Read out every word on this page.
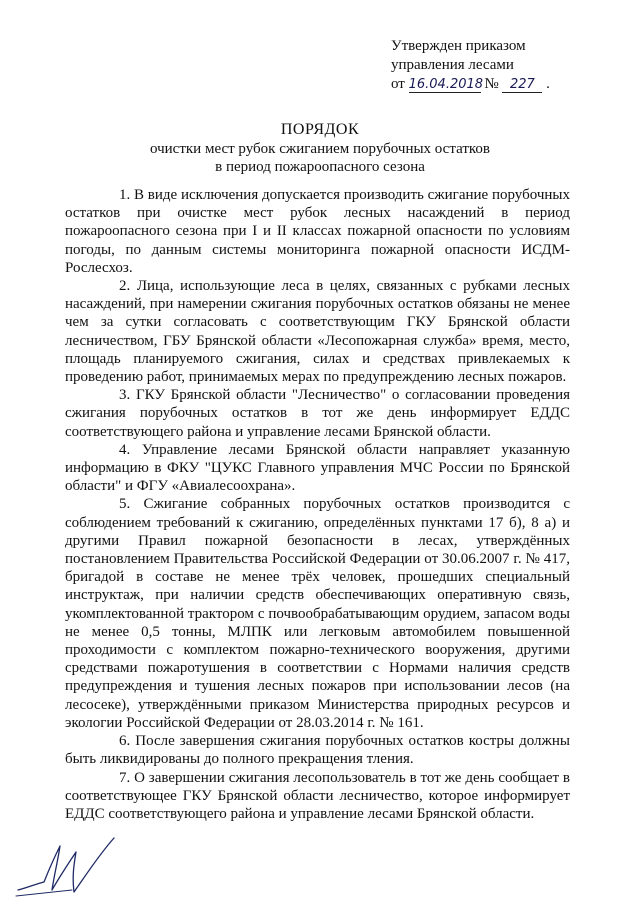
Утвержден приказом
управления лесами
от 16.04.2018 № 227 .
ПОРЯДОК
очистки мест рубок сжиганием порубочных остатков
в период пожароопасного сезона

1. В виде исключения допускается производить сжигание порубочных остатков при очистке мест рубок лесных насаждений в период пожароопасного сезона при I и II классах пожарной опасности по условиям погоды, по данным системы мониторинга пожарной опасности ИСДМ-Рослесхоз.

2. Лица, использующие леса в целях, связанных с рубками лесных насаждений, при намерении сжигания порубочных остатков обязаны не менее чем за сутки согласовать с соответствующим ГКУ Брянской области лесничеством, ГБУ Брянской области «Лесопожарная служба» время, место, площадь планируемого сжигания, силах и средствах привлекаемых к проведению работ, принимаемых мерах по предупреждению лесных пожаров.

3. ГКУ Брянской области "Лесничество" о согласовании проведения сжигания порубочных остатков в тот же день информирует ЕДДС соответствующего района и управление лесами Брянской области.

4. Управление лесами Брянской области направляет указанную информацию в ФКУ "ЦУКС Главного управления МЧС России по Брянской области" и ФГУ «Авиалесоохрана».

5. Сжигание собранных порубочных остатков производится с соблюдением требований к сжиганию, определённых пунктами 17 б), 8 а) и другими Правил пожарной безопасности в лесах, утверждённых постановлением Правительства Российской Федерации от 30.06.2007 г. № 417, бригадой в составе не менее трёх человек, прошедших специальный инструктаж, при наличии средств обеспечивающих оперативную связь, укомплектованной трактором с почвообрабатывающим орудием, запасом воды не менее 0,5 тонны, МЛПК или легковым автомобилем повышенной проходимости с комплектом пожарно-технического вооружения, другими средствами пожаротушения в соответствии с Нормами наличия средств предупреждения и тушения лесных пожаров при использовании лесов (на лесосеке), утверждёнными приказом Министерства природных ресурсов и экологии Российской Федерации от 28.03.2014 г. № 161.

6. После завершения сжигания порубочных остатков костры должны быть ликвидированы до полного прекращения тления.

7. О завершении сжигания лесопользователь в тот же день сообщает в соответствующее ГКУ Брянской области лесничество, которое информирует ЕДДС соответствующего района и управление лесами Брянской области.
